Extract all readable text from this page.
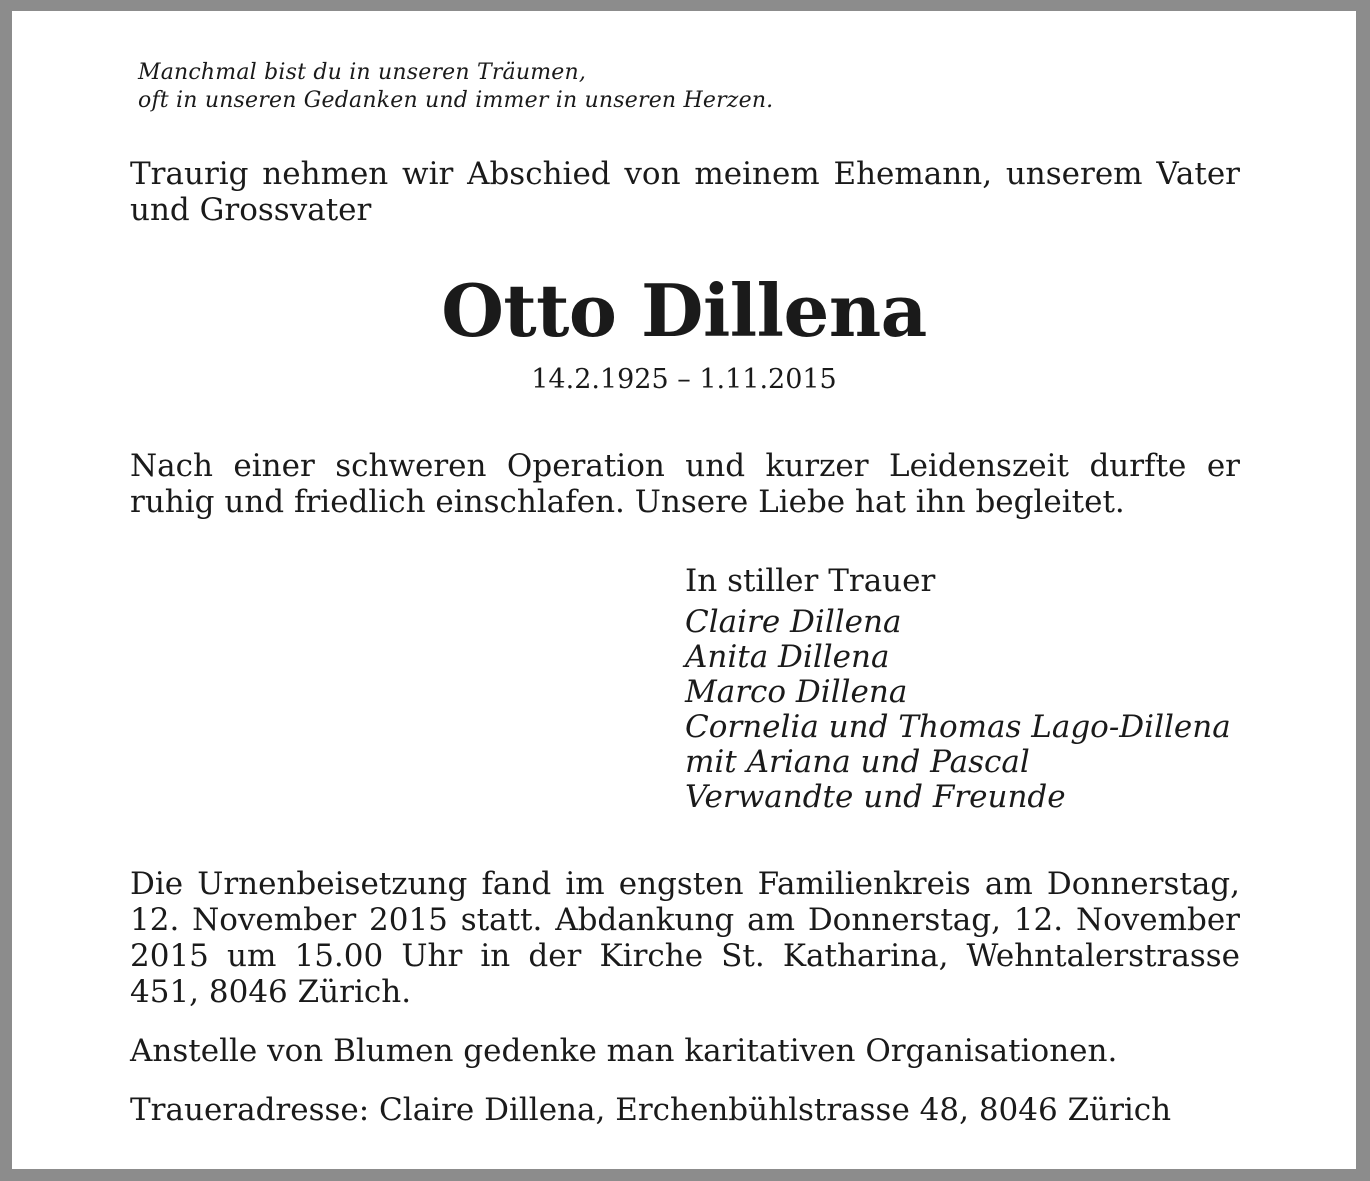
Manchmal bist du in unseren Träumen,
oft in unseren Gedanken und immer in unseren Herzen.
Traurig nehmen wir Abschied von meinem Ehemann, unserem Vater und Grossvater
Otto Dillena
14.2.1925 – 1.11.2015
Nach einer schweren Operation und kurzer Leidenszeit durfte er ruhig und friedlich einschlafen. Unsere Liebe hat ihn begleitet.
In stiller Trauer
Claire Dillena
Anita Dillena
Marco Dillena
Cornelia und Thomas Lago-Dillena
mit Ariana und Pascal
Verwandte und Freunde
Die Urnenbeisetzung fand im engsten Familienkreis am Donnerstag, 12. November 2015 statt. Abdankung am Donnerstag, 12. November 2015 um 15.00 Uhr in der Kirche St. Katharina, Wehntalerstrasse 451, 8046 Zürich.
Anstelle von Blumen gedenke man karitativen Organisationen.
Traueradresse: Claire Dillena, Erchenbühlstrasse 48, 8046 Zürich
